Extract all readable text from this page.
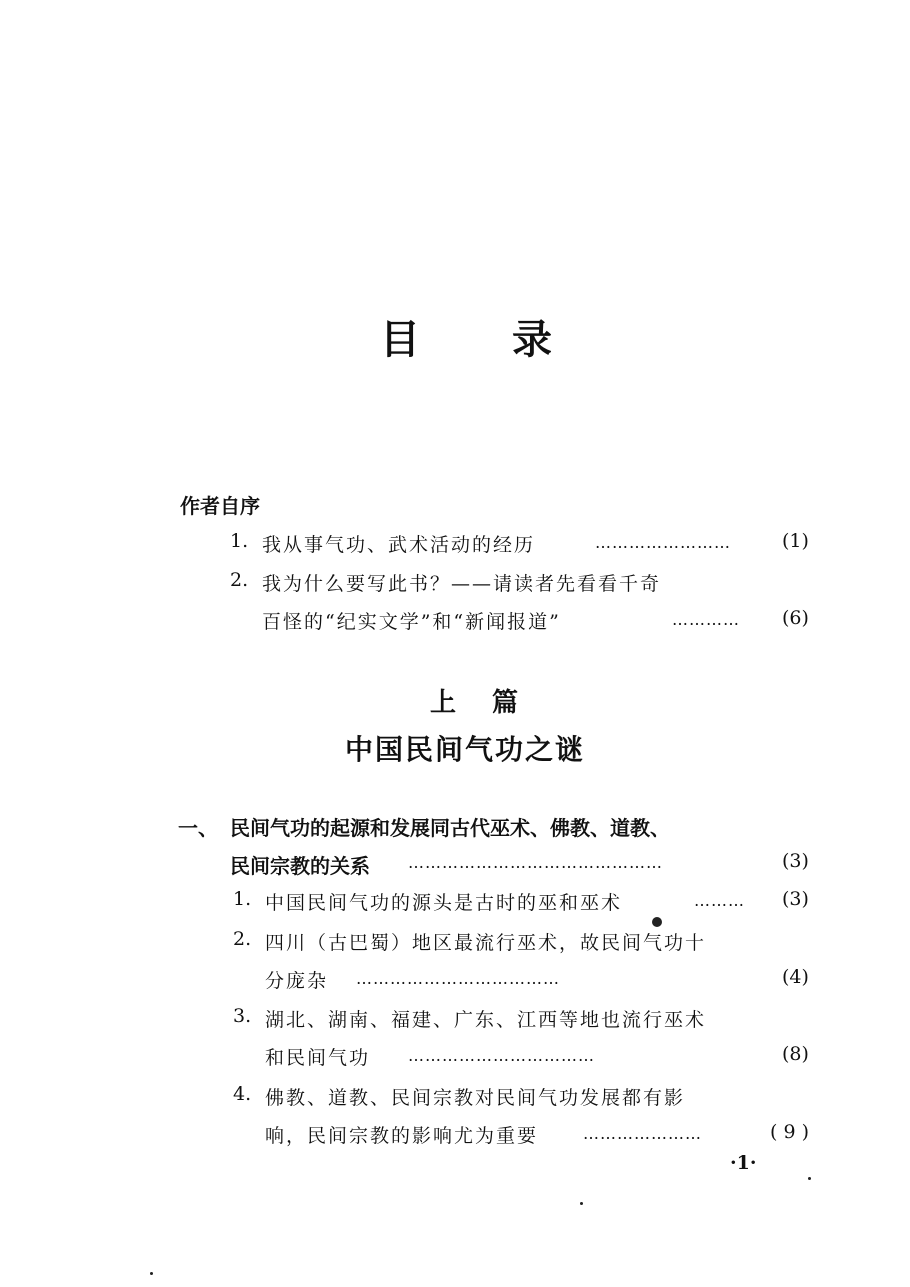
目录
作者自序
1. 我从事气功、武术活动的经历	……………………	(1)
2. 我为什么要写此书？——请读者先看看千奇
百怪的“纪实文学”和“新闻报道”	………… (6)
上篇
中国民间气功之谜
一、 民间气功的起源和发展同古代巫术、佛教、道教、
民间宗教的关系 ………………………………………	(3)
1. 中国民间气功的源头是古时的巫和巫术	……… (3)
2. 四川（古巴蜀）地区最流行巫术，故民间气功十
分庞杂 ………………………………	(4)
3. 湖北、湖南、福建、广东、江西等地也流行巫术
和民间气功 ……………………………	(8)
4. 佛教、道教、民间宗教对民间气功发展都有影
响，民间宗教的影响尤为重要	…………………	( 9 )
·1·
